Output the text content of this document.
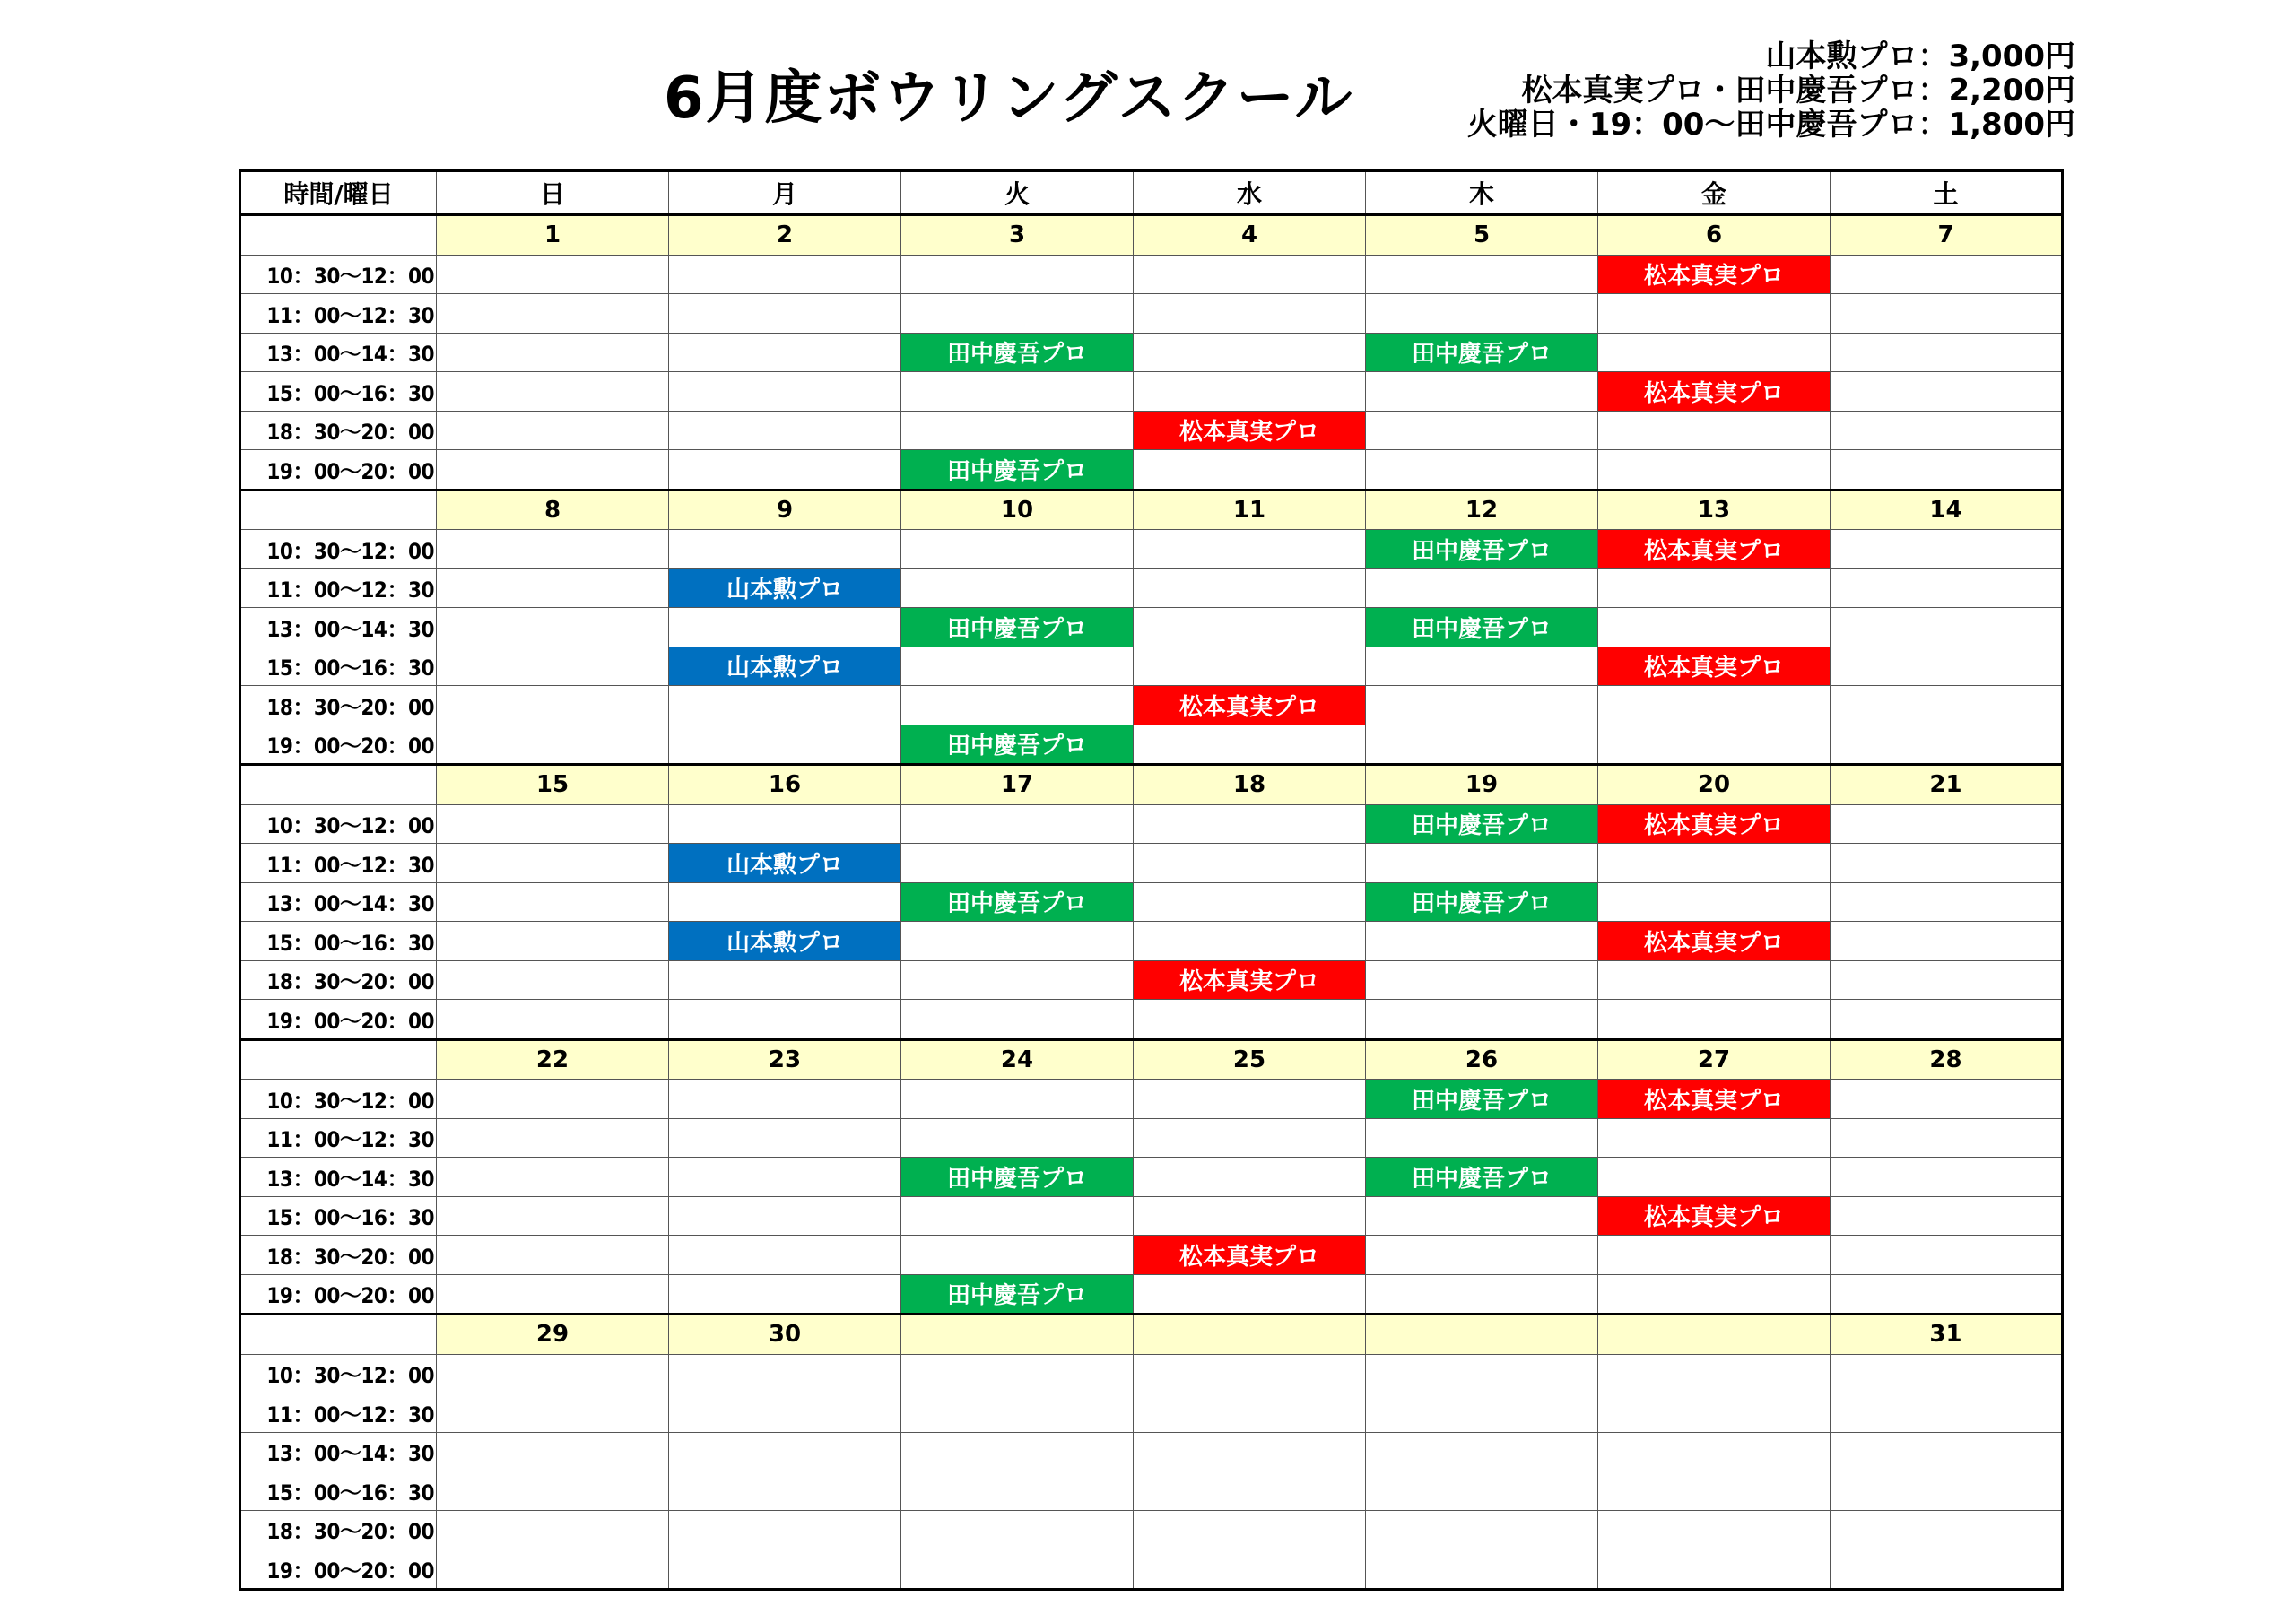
6月度ボウリングスクール
山本勲プロ：3,000円
松本真実プロ・田中慶吾プロ：2,200円
火曜日・19：00～田中慶吾プロ：1,800円
時間/曜日	日	月	火	水	木	金	土
	1	2	3	4	5	6	7
10：30～12：00						松本真実プロ	
11：00～12：30							
13：00～14：30			田中慶吾プロ		田中慶吾プロ		
15：00～16：30						松本真実プロ	
18：30～20：00				松本真実プロ			
19：00～20：00			田中慶吾プロ				
	8	9	10	11	12	13	14
10：30～12：00					田中慶吾プロ	松本真実プロ	
11：00～12：30		山本勲プロ					
13：00～14：30			田中慶吾プロ		田中慶吾プロ		
15：00～16：30		山本勲プロ				松本真実プロ	
18：30～20：00				松本真実プロ			
19：00～20：00			田中慶吾プロ				
	15	16	17	18	19	20	21
10：30～12：00					田中慶吾プロ	松本真実プロ	
11：00～12：30		山本勲プロ					
13：00～14：30			田中慶吾プロ		田中慶吾プロ		
15：00～16：30		山本勲プロ				松本真実プロ	
18：30～20：00				松本真実プロ			
19：00～20：00							
	22	23	24	25	26	27	28
10：30～12：00					田中慶吾プロ	松本真実プロ	
11：00～12：30							
13：00～14：30			田中慶吾プロ		田中慶吾プロ		
15：00～16：30						松本真実プロ	
18：30～20：00				松本真実プロ			
19：00～20：00			田中慶吾プロ				
	29	30					31
10：30～12：00							
11：00～12：30							
13：00～14：30							
15：00～16：30							
18：30～20：00							
19：00～20：00							
